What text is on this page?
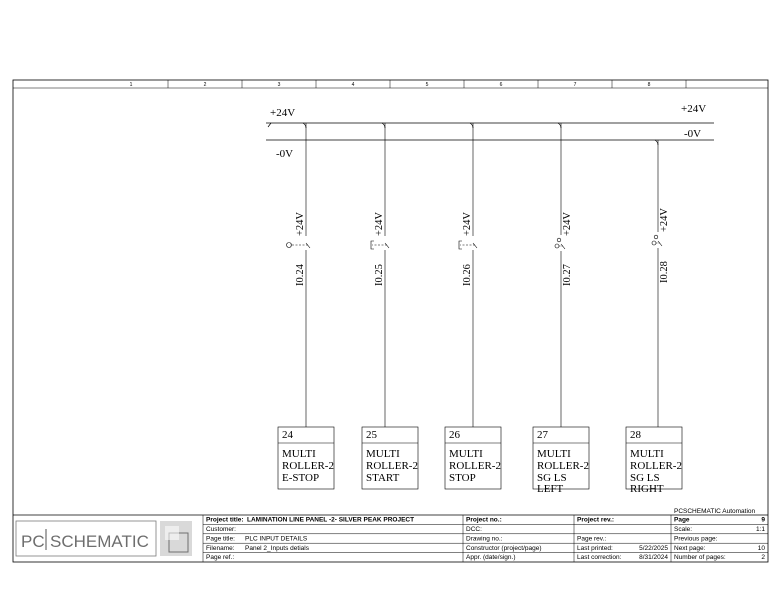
1	2	3	4	5	6	7	8
+24V	+24V
-0V
-0V
+24V
I0.24
24
MULTI
ROLLER-2
E-STOP
+24V
I0.25
25
MULTI
ROLLER-2
START
+24V
I0.26
26
MULTI
ROLLER-2
STOP
+24V
I0.27
27
MULTI
ROLLER-2
SG LS
LEFT
+24V
I0.28
28
MULTI
ROLLER-2
SG LS
RIGHT
PCSCHEMATIC Automation
PC SCHEMATIC
Project title: LAMINATION LINE PANEL -2- SILVER PEAK PROJECT
Customer:
Page title: PLC INPUT DETAILS
Filename: Panel 2_Inputs detials
Page ref.:
Project no.:
DCC:
Drawing no.:
Constructor (project/page)
Appr. (date/sign.)
Project rev.:
Page rev.:
Last printed:	5/22/2025
Last correction:	8/31/2024
Page	9
Scale:	1:1
Previous page:
Next page:	10
Number of pages:	2
